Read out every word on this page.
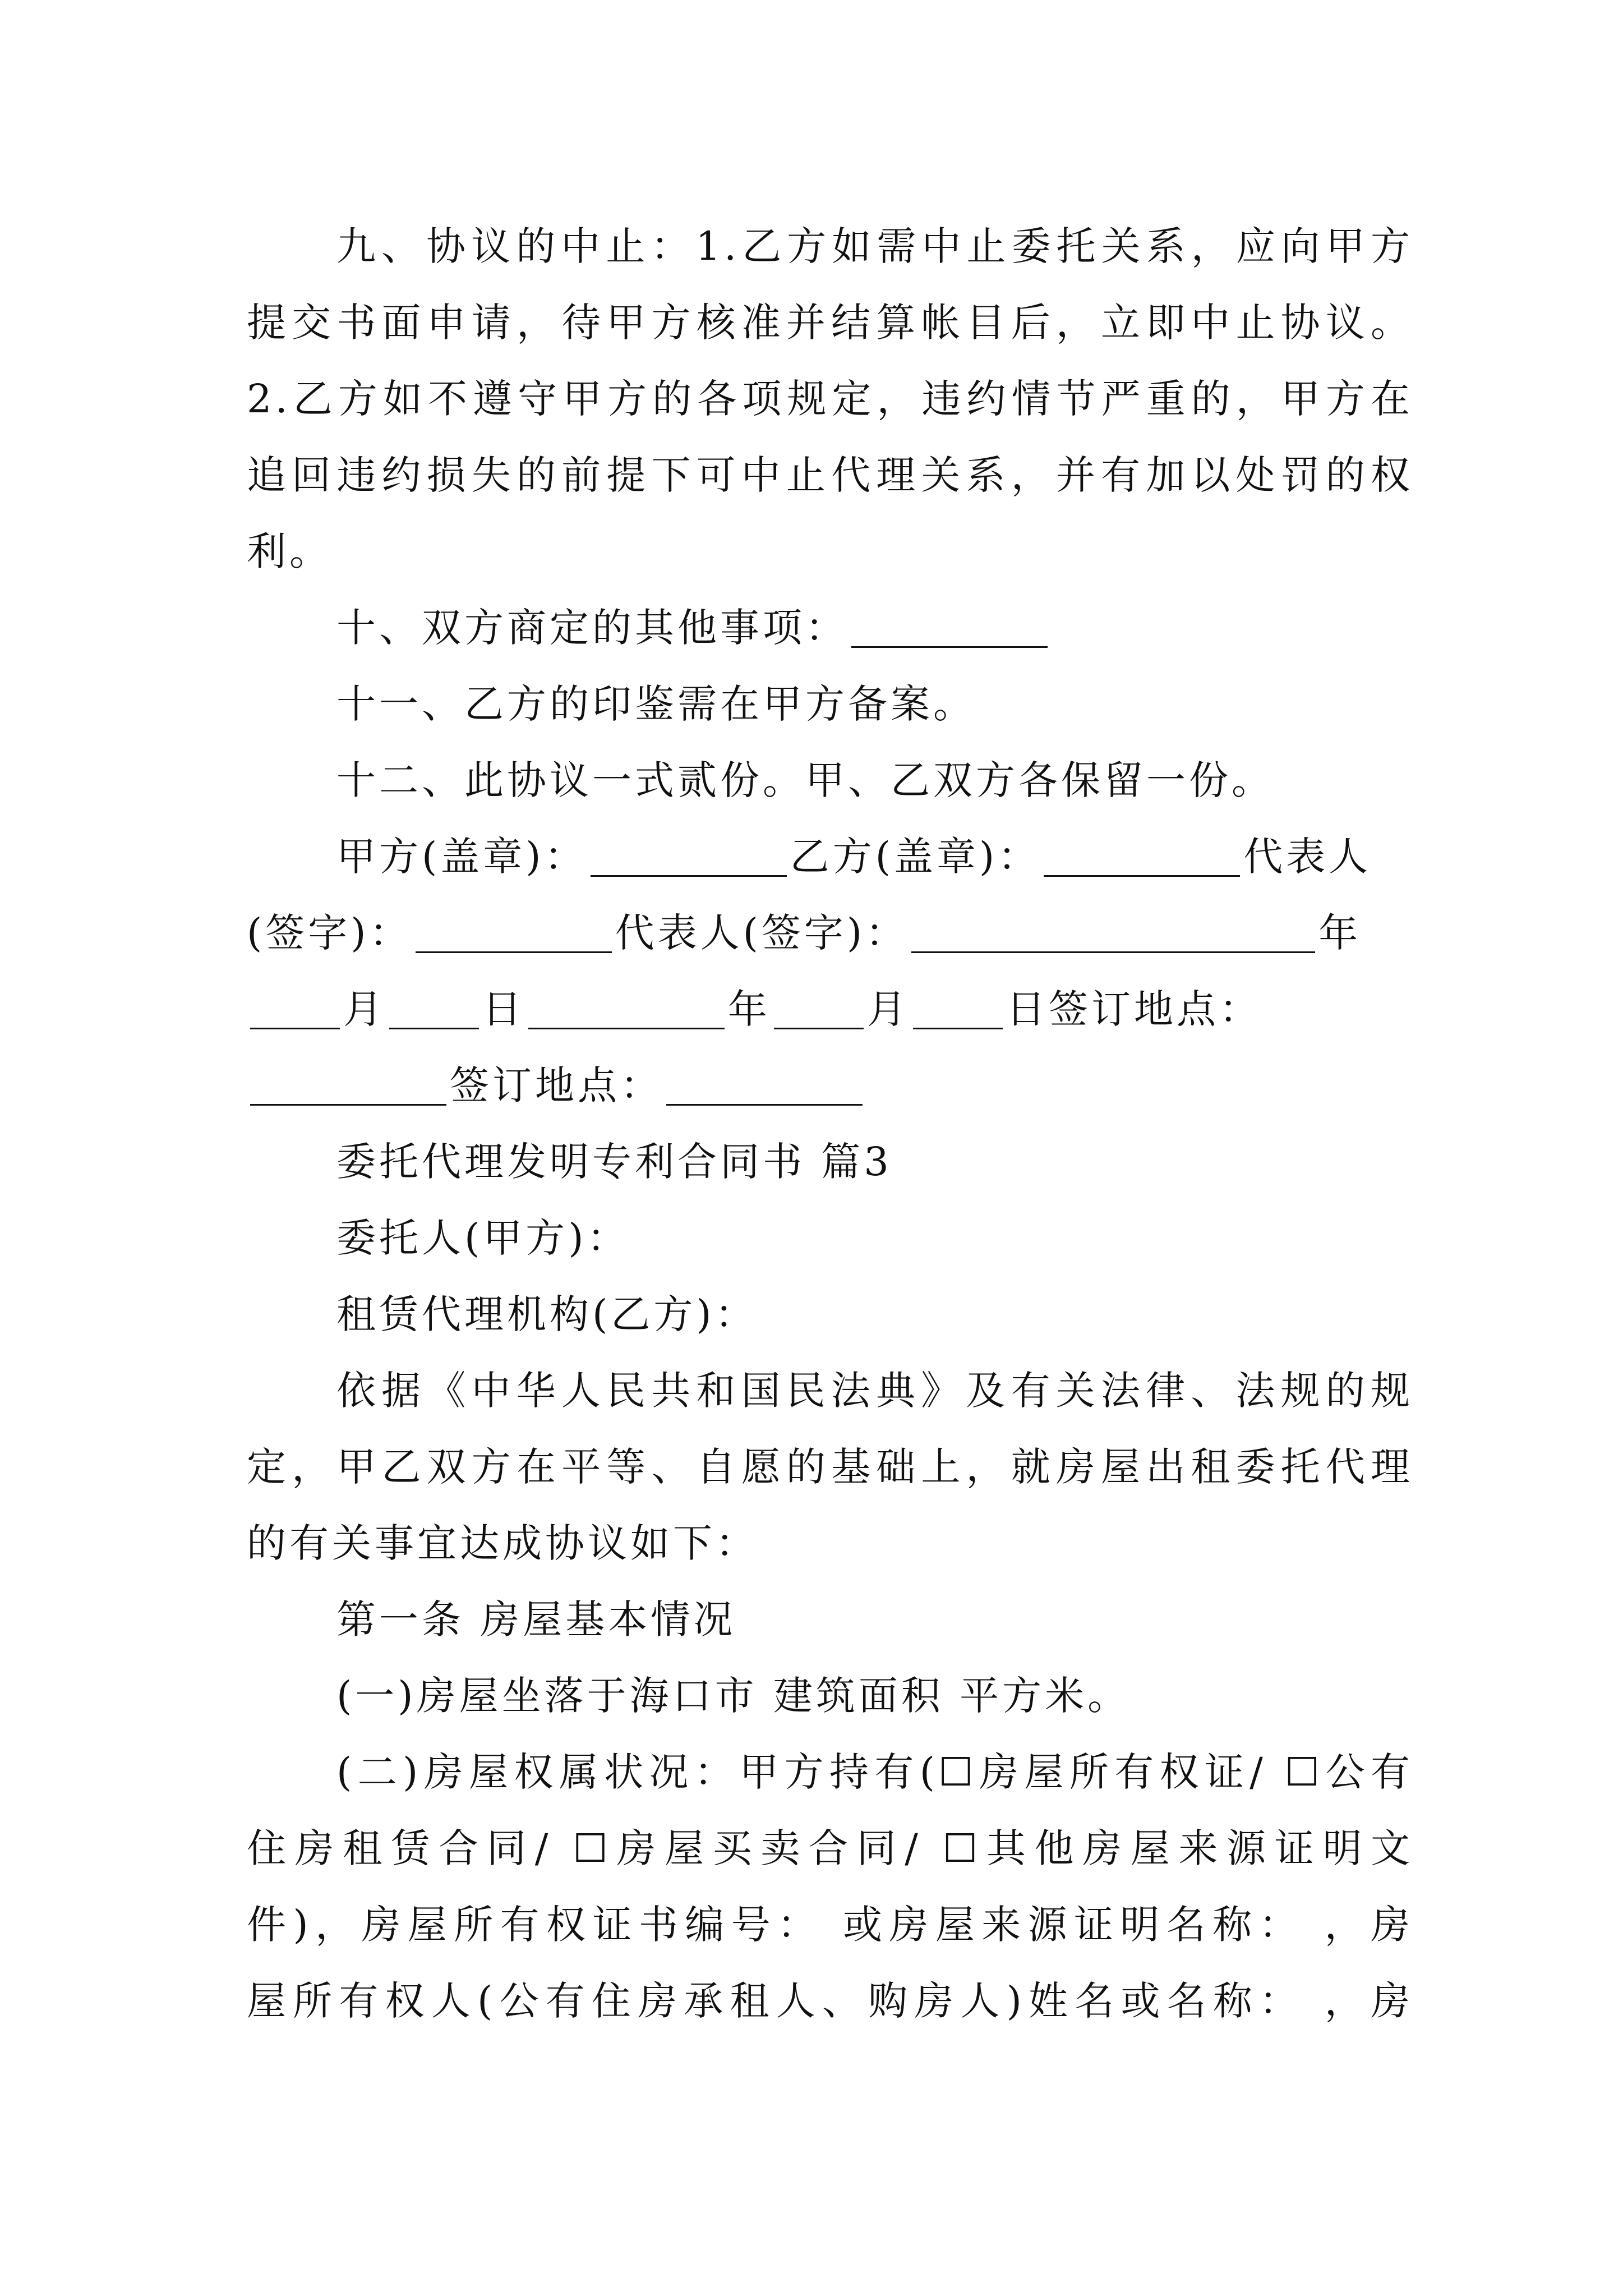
九、协议的中止：1.乙方如需中止委托关系，应向甲方
提交书面申请，待甲方核准并结算帐目后，立即中止协议。
2.乙方如不遵守甲方的各项规定，违约情节严重的，甲方在
追回违约损失的前提下可中止代理关系，并有加以处罚的权
利。
十、双方商定的其他事项：
十一、乙方的印鉴需在甲方备案。
十二、此协议一式贰份。甲、乙双方各保留一份。
甲方(盖章)：	乙方(盖章)：	代表人
(签字)：	代表人(签字)：	年
月 日	年 月 日签订地点：
签订地点：
委托代理发明专利合同书 篇3
委托人(甲方)：
租赁代理机构(乙方)：
依据《中华人民共和国民法典》及有关法律、法规的规
定，甲乙双方在平等、自愿的基础上，就房屋出租委托代理
的有关事宜达成协议如下：
第一条 房屋基本情况
(一)房屋坐落于海口市 建筑面积 平方米。
(二)房屋权属状况：甲方持有(☐房屋所有权证/ ☐公有
住房租赁合同/ ☐房屋买卖合同/ ☐其他房屋来源证明文
件)，房屋所有权证书编号： 或房屋来源证明名称： ，房
屋所有权人(公有住房承租人、购房人)姓名或名称： ，房
